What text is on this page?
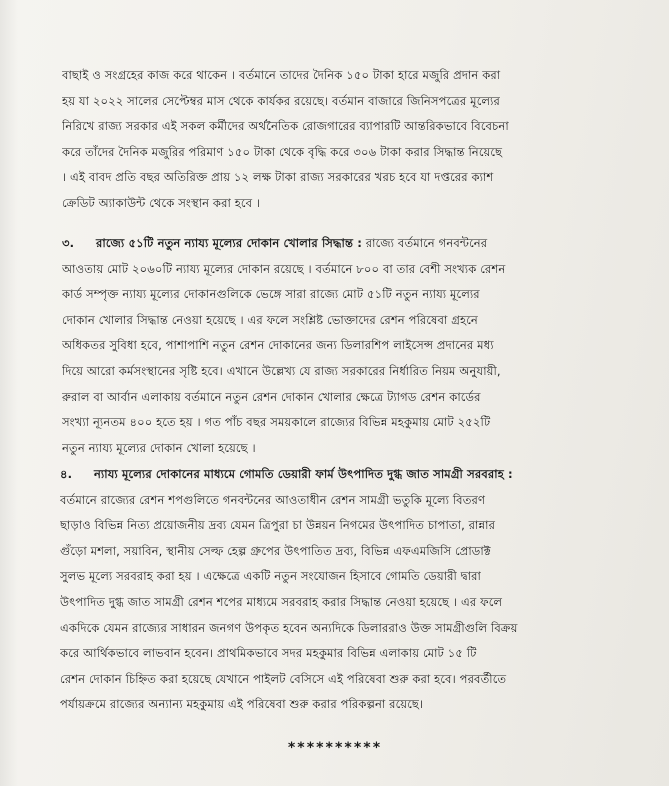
বাছাই ও সংগ্রহের কাজ করে থাকেন । বর্তমানে তাদের দৈনিক ১৫০ টাকা হারে মজুরি প্রদান করা
হয় যা ২০২২ সালের সেপ্টেম্বর মাস থেকে কার্যকর রয়েছে। বর্তমান বাজারে জিনিসপত্রের মূল্যের
নিরিখে রাজ্য সরকার এই সকল কর্মীদের অর্থনৈতিক রোজগারের ব্যাপারটি আন্তরিকভাবে বিবেচনা
করে তাঁদের দৈনিক মজুরির পরিমাণ ১৫০ টাকা থেকে বৃদ্ধি করে ৩০৬ টাকা করার সিদ্ধান্ত নিয়েছে
। এই বাবদ প্রতি বছর অতিরিক্ত প্রায় ১২ লক্ষ টাকা রাজ্য সরকারের খরচ হবে যা দপ্তরের ক্যাশ
ক্রেডিট অ্যাকাউন্ট থেকে সংস্থান করা হবে ।
৩. রাজ্যে ৫১টি নতুন ন্যায্য মূল্যের দোকান খোলার সিদ্ধান্ত : রাজ্যে বর্তমানে গনবন্টনের
আওতায় মোট ২০৬০টি ন্যায্য মূল্যের দোকান রয়েছে । বর্তমানে ৮০০ বা তার বেশী সংখ্যক রেশন
কার্ড সম্পৃক্ত ন্যায্য মূল্যের দোকানগুলিকে ভেঙ্গে সারা রাজ্যে মোট ৫১টি নতুন ন্যায্য মূল্যের
দোকান খোলার সিদ্ধান্ত নেওয়া হয়েছে । এর ফলে সংশ্লিষ্ট ভোক্তাদের রেশন পরিষেবা গ্রহনে
অধিকতর সুবিধা হবে, পাশাপাশি নতুন রেশন দোকানের জন্য ডিলারশিপ লাইসেন্স প্রদানের মধ্য
দিয়ে আরো কর্মসংস্থানের সৃষ্টি হবে। এখানে উল্লেখ্য যে রাজ্য সরকারের নির্ধারিত নিয়ম অনুযায়ী,
রুরাল বা আর্বান এলাকায় বর্তমানে নতুন রেশন দোকান খোলার ক্ষেত্রে ট্যাগড রেশন কার্ডের
সংখ্যা ন্যূনতম ৪০০ হতে হয় । গত পাঁচ বছর সময়কালে রাজ্যের বিভিন্ন মহকুমায় মোট ২৫২টি
নতুন ন্যায্য মূল্যের দোকান খোলা হয়েছে ।
৪. ন্যায্য মূল্যের দোকানের মাধ্যমে গোমতি ডেয়ারী ফার্ম উৎপাদিত দুগ্ধ জাত সামগ্রী সরবরাহ :
বর্তমানে রাজ্যের রেশন শপগুলিতে গনবন্টনের আওতাধীন রেশন সামগ্রী ভতুকি মূল্যে বিতরণ
ছাড়াও বিভিন্ন নিত্য প্রয়োজনীয় দ্রব্য যেমন ত্রিপুরা চা উন্নয়ন নিগমের উৎপাদিত চাপাতা, রান্নার
গুঁড়ো মশলা, সয়াবিন, স্থানীয় সেল্ফ হেল্প গ্রুপের উৎপাতিত দ্রব্য, বিভিন্ন এফএমজিসি প্রোডাক্ট
সুলভ মূল্যে সরবরাহ করা হয় । এক্ষেত্রে একটি নতুন সংযোজন হিসাবে গোমতি ডেয়ারী দ্বারা
উৎপাদিত দুগ্ধ জাত সামগ্রী রেশন শপের মাধ্যমে সরবরাহ করার সিদ্ধান্ত নেওয়া হয়েছে । এর ফলে
একদিকে যেমন রাজ্যের সাধারন জনগণ উপকৃত হবেন অন্যদিকে ডিলাররাও উক্ত সামগ্রীগুলি বিক্রয়
করে আর্থিকভাবে লাভবান হবেন। প্রাথমিকভাবে সদর মহকুমার বিভিন্ন এলাকায় মোট ১৫ টি
রেশন দোকান চিহ্নিত করা হয়েছে যেখানে পাইলট বেসিসে এই পরিষেবা শুরু করা হবে। পরবর্তীতে
পর্যায়ক্রমে রাজ্যের অন্যান্য মহকুমায় এই পরিষেবা শুরু করার পরিকল্পনা রয়েছে।
**********
